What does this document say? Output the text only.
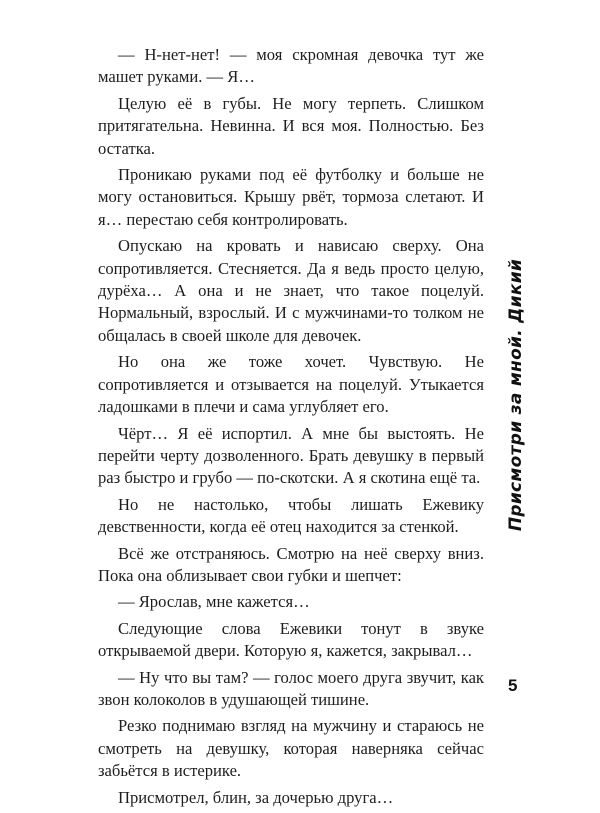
— Н-нет-нет! — моя скромная девочка тут же машет руками. — Я…

Целую её в губы. Не могу терпеть. Слишком притягательна. Невинна. И вся моя. Полностью. Без остатка.

Проникаю руками под её футболку и больше не могу остановиться. Крышу рвёт, тормоза слетают. И я… перестаю себя контролировать.

Опускаю на кровать и нависаю сверху. Она сопротивляется. Стесняется. Да я ведь просто целую, дурёха… А она и не знает, что такое поцелуй. Нормальный, взрослый. И с мужчинами-то толком не общалась в своей школе для девочек.

Но она же тоже хочет. Чувствую. Не сопротивляется и отзывается на поцелуй. Утыкается ладошками в плечи и сама углубляет его.

Чёрт… Я её испортил. А мне бы выстоять. Не перейти черту дозволенного. Брать девушку в первый раз быстро и грубо — по-скотски. А я скотина ещё та.

Но не настолько, чтобы лишать Ежевику девственности, когда её отец находится за стенкой.

Всё же отстраняюсь. Смотрю на неё сверху вниз. Пока она облизывает свои губки и шепчет:

— Ярослав, мне кажется…

Следующие слова Ежевики тонут в звуке открываемой двери. Которую я, кажется, закрывал…

— Ну что вы там? — голос моего друга звучит, как звон колоколов в удушающей тишине.

Резко поднимаю взгляд на мужчину и стараюсь не смотреть на девушку, которая наверняка сейчас забьётся в истерике.

Присмотрел, блин, за дочерью друга…

Присмотри за мной. Дикий
5
